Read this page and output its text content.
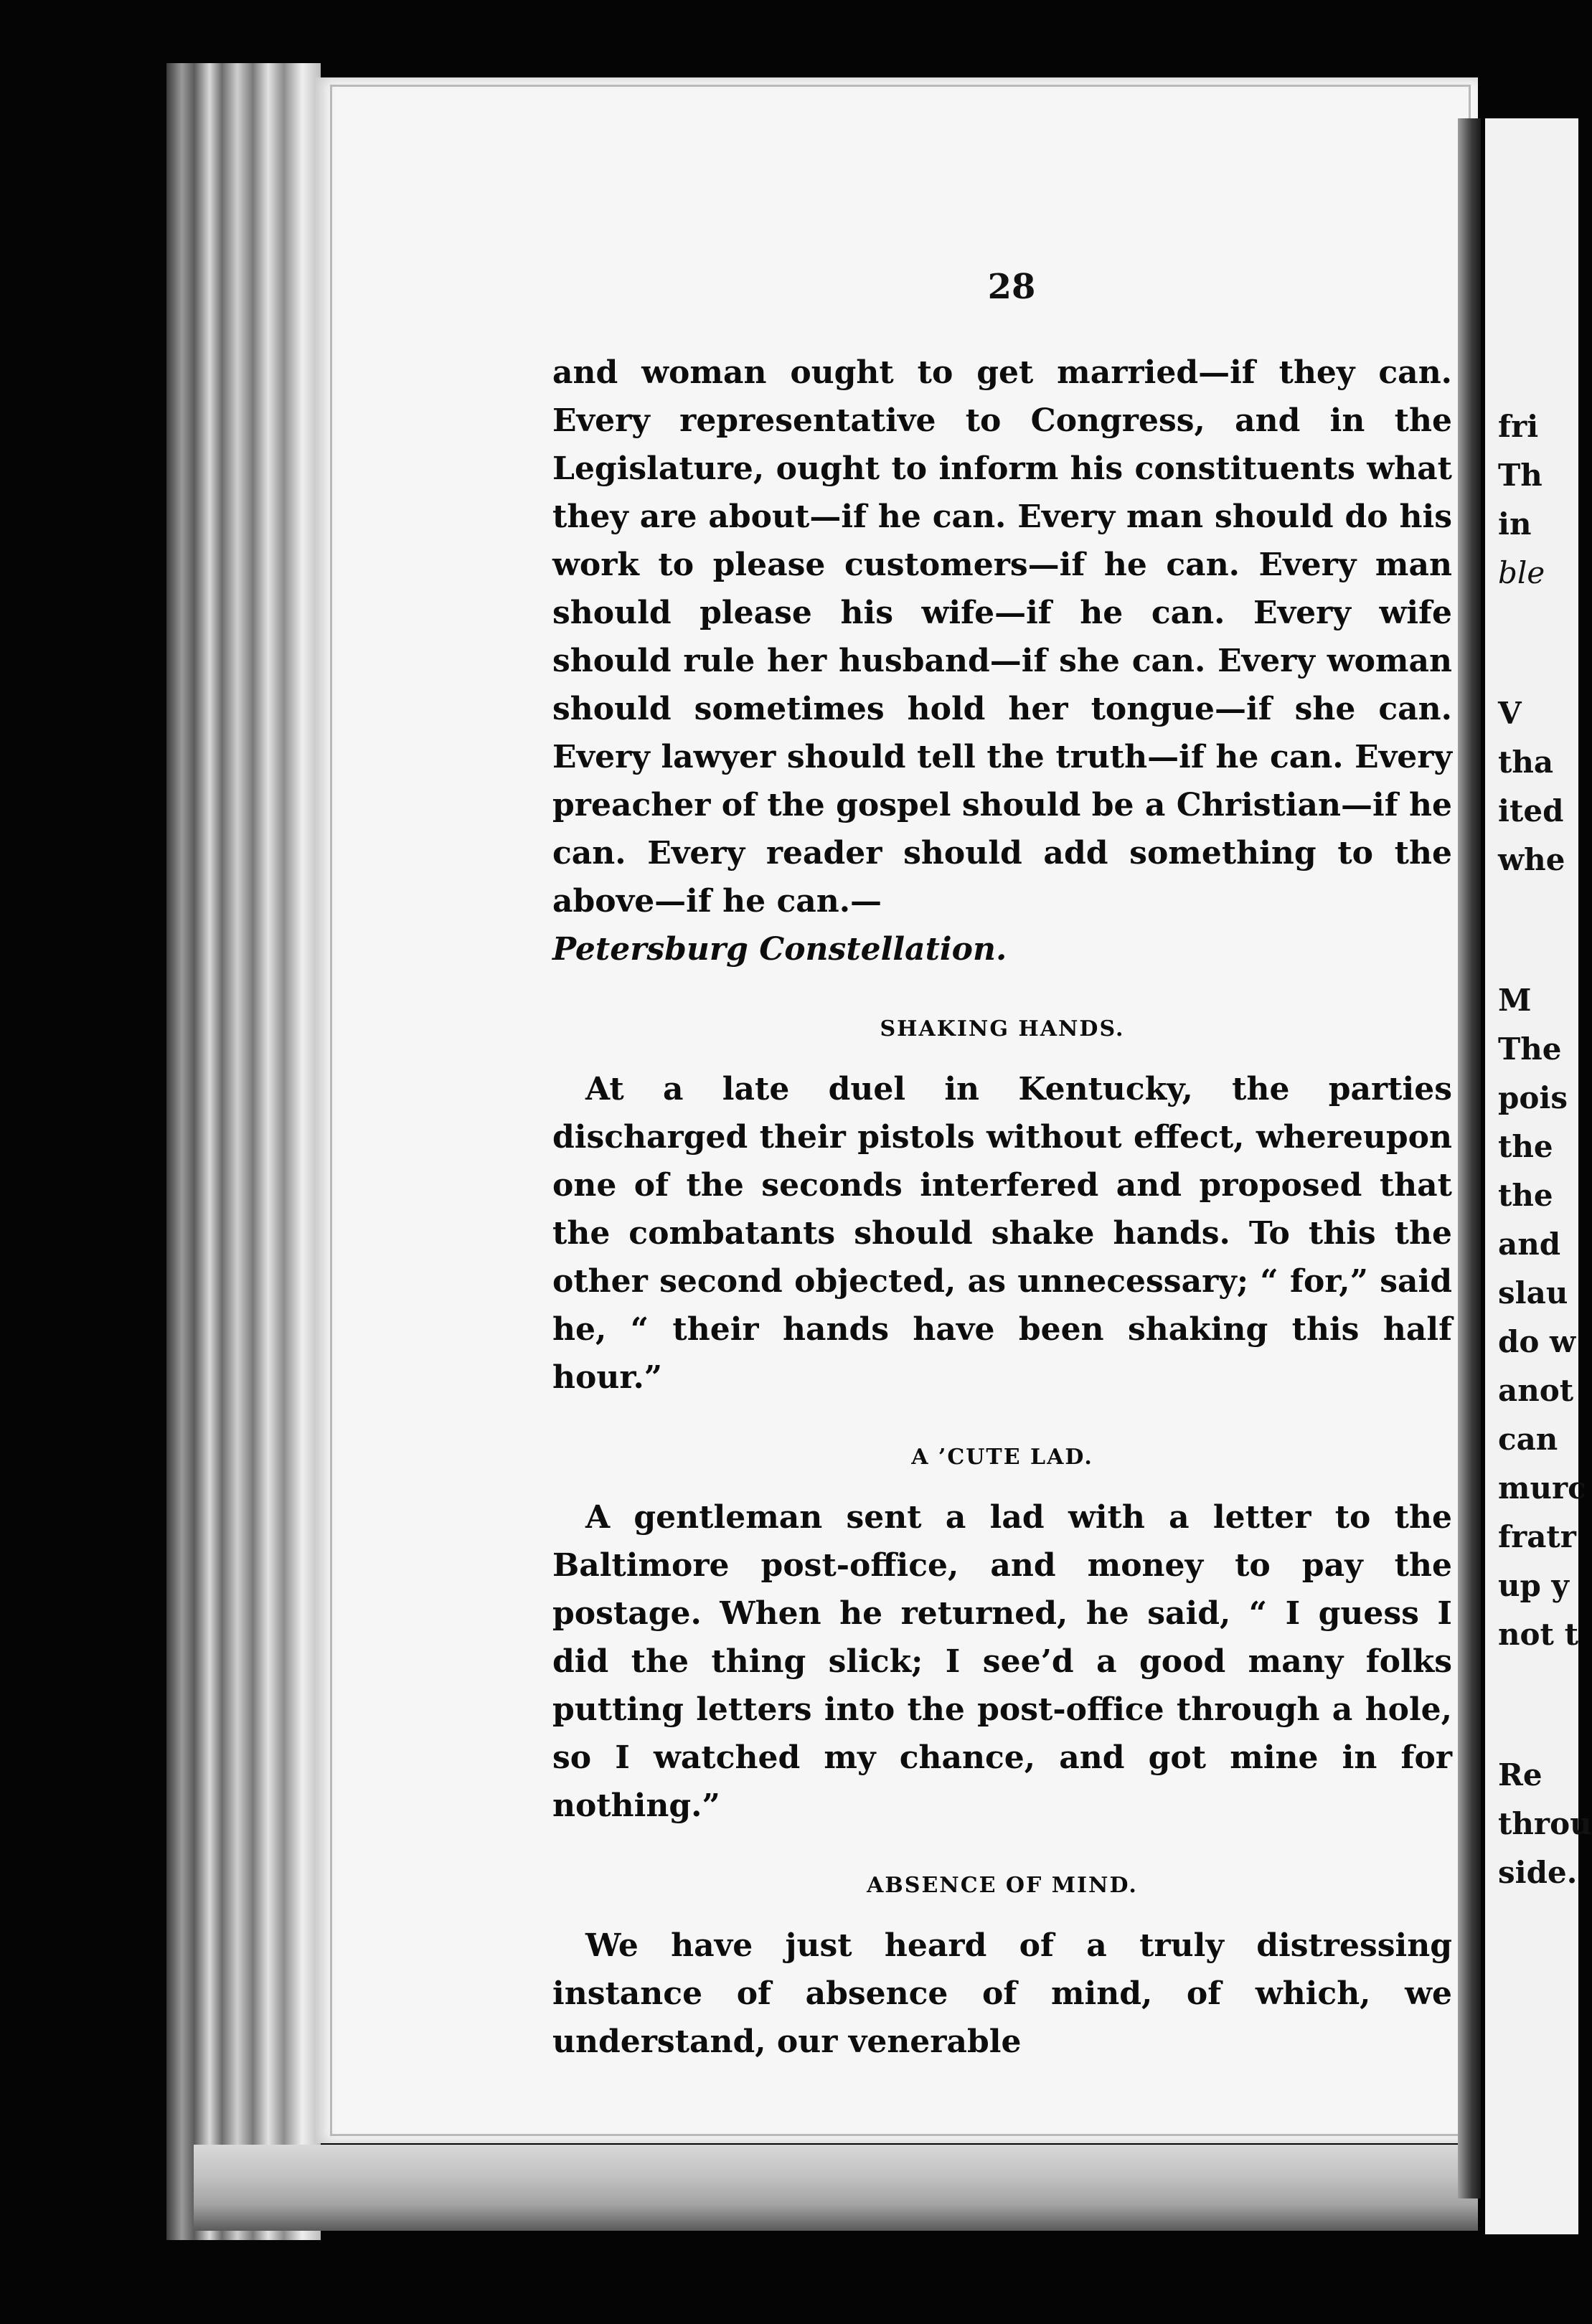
fri
Th
in
ble
V
tha
ited
whe
M
The
pois
the
the
and
slau
do w
anot
can
murc
fratr
up y
not t
Re
throu
side.
28

and woman ought to get married—if they can. Every representative to Congress, and in the Legislature, ought to inform his constituents what they are about—if he can. Every man should do his work to please customers—if he can. Every man should please his wife—if he can. Every wife should rule her husband—if she can. Every woman should sometimes hold her tongue—if she can. Every lawyer should tell the truth—if he can. Every preacher of the gospel should be a Christian—if he can. Every reader should add something to the above—if he can.—
Petersburg Constellation.

SHAKING HANDS.

At a late duel in Kentucky, the parties discharged their pistols without effect, whereupon one of the seconds interfered and proposed that the combatants should shake hands. To this the other second objected, as unnecessary; “ for,” said he, “ their hands have been shaking this half hour.”

A ’CUTE LAD.

A gentleman sent a lad with a letter to the Baltimore post-office, and money to pay the postage. When he returned, he said, “ I guess I did the thing slick; I see’d a good many folks putting letters into the post-office through a hole, so I watched my chance, and got mine in for nothing.”

ABSENCE OF MIND.

We have just heard of a truly distressing instance of absence of mind, of which, we understand, our venerable
